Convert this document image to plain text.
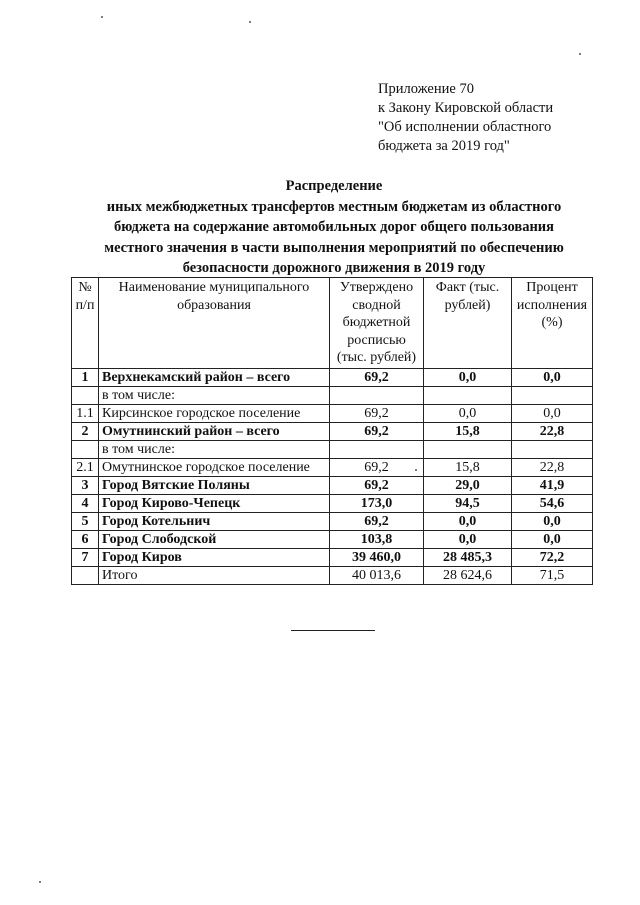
Приложение 70
к Закону Кировской области
"Об исполнении областного
бюджета за 2019 год"
Распределение
иных межбюджетных трансфертов местным бюджетам из областного
бюджета на содержание автомобильных дорог общего пользования
местного значения в части выполнения мероприятий по обеспечению
безопасности дорожного движения в 2019 году
№ п/п	Наименование муниципального образования	Утверждено сводной бюджетной росписью (тыс. рублей)	Факт (тыс. рублей)	Процент исполнения (%)
1	Верхнекамский район – всего	69,2	0,0	0,0
	в том числе:			
1.1	Кирсинское городское поселение	69,2	0,0	0,0
2	Омутнинский район – всего	69,2	15,8	22,8
	в том числе:			
2.1	Омутнинское городское поселение	69,2	15,8	22,8
3	Город Вятские Поляны	69,2	29,0	41,9
4	Город Кирово-Чепецк	173,0	94,5	54,6
5	Город Котельнич	69,2	0,0	0,0
6	Город Слободской	103,8	0,0	0,0
7	Город Киров	39 460,0	28 485,3	72,2
	Итого	40 013,6	28 624,6	71,5
